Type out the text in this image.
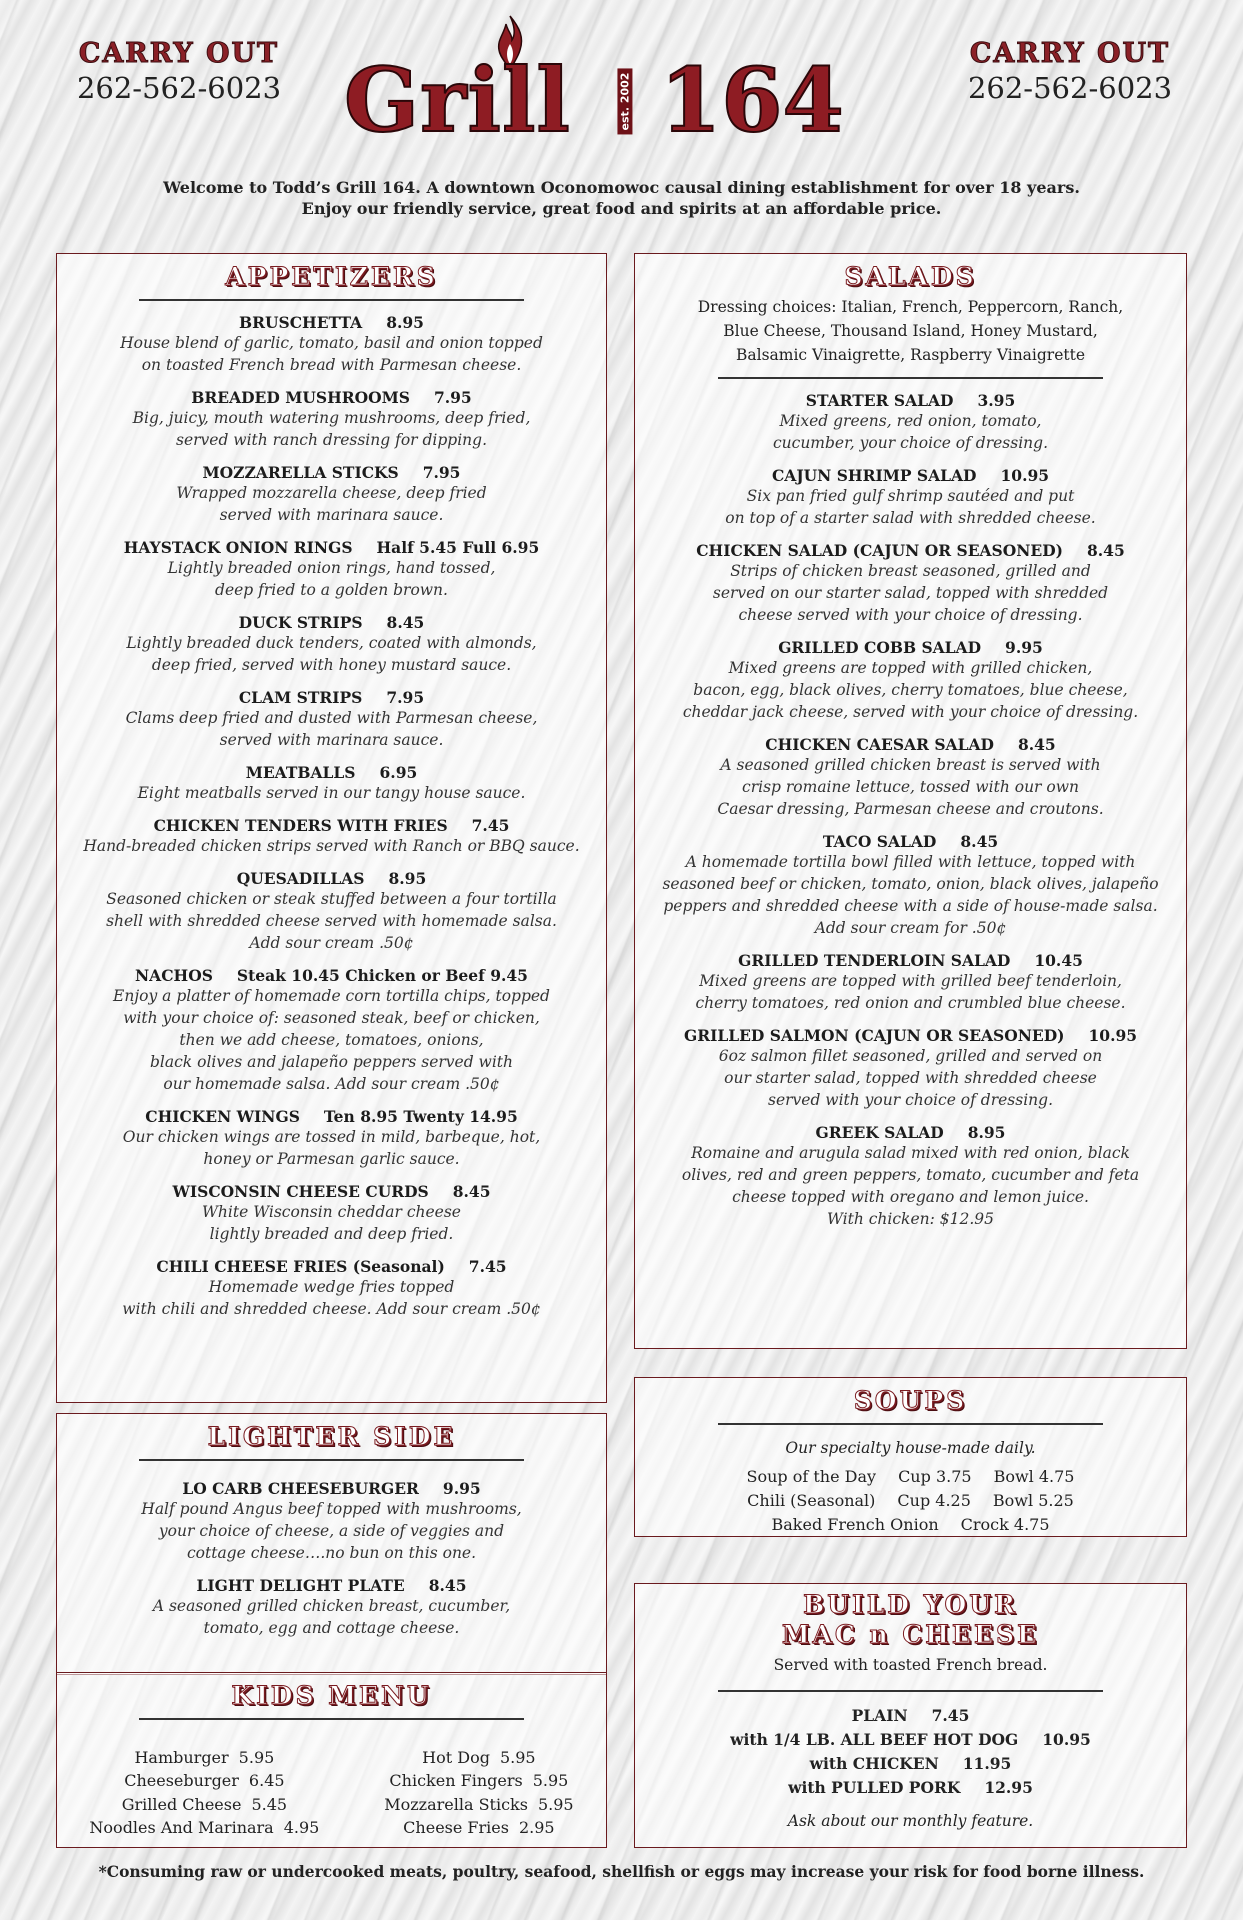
CARRY OUT
262-562-6023 Grill	est. 2002 164	CARRY OUT
262-562-6023
Welcome to Todd’s Grill 164. A downtown Oconomowoc causal dining establishment for over 18 years.
Enjoy our friendly service, great food and spirits at an affordable price.
APPETIZERS
BRUSCHETTA 8.95
House blend of garlic, tomato, basil and onion topped
on toasted French bread with Parmesan cheese.
BREADED MUSHROOMS 7.95
Big, juicy, mouth watering mushrooms, deep fried,
served with ranch dressing for dipping.
MOZZARELLA STICKS 7.95
Wrapped mozzarella cheese, deep fried
served with marinara sauce.
HAYSTACK ONION RINGS Half 5.45 Full 6.95
Lightly breaded onion rings, hand tossed,
deep fried to a golden brown.
DUCK STRIPS 8.45
Lightly breaded duck tenders, coated with almonds,
deep fried, served with honey mustard sauce.
CLAM STRIPS 7.95
Clams deep fried and dusted with Parmesan cheese,
served with marinara sauce.
MEATBALLS 6.95
Eight meatballs served in our tangy house sauce.
CHICKEN TENDERS WITH FRIES 7.45
Hand-breaded chicken strips served with Ranch or BBQ sauce.
QUESADILLAS 8.95
Seasoned chicken or steak stuffed between a four tortilla
shell with shredded cheese served with homemade salsa.
Add sour cream .50¢
NACHOS Steak 10.45 Chicken or Beef 9.45
Enjoy a platter of homemade corn tortilla chips, topped
with your choice of: seasoned steak, beef or chicken,
then we add cheese, tomatoes, onions,
black olives and jalapeño peppers served with
our homemade salsa. Add sour cream .50¢
CHICKEN WINGS Ten 8.95 Twenty 14.95
Our chicken wings are tossed in mild, barbeque, hot,
honey or Parmesan garlic sauce.
WISCONSIN CHEESE CURDS 8.45
White Wisconsin cheddar cheese
lightly breaded and deep fried.
CHILI CHEESE FRIES (Seasonal) 7.45
Homemade wedge fries topped
with chili and shredded cheese. Add sour cream .50¢
LIGHTER SIDE
LO CARB CHEESEBURGER 9.95
Half pound Angus beef topped with mushrooms,
your choice of cheese, a side of veggies and
cottage cheese….no bun on this one.
LIGHT DELIGHT PLATE 8.45
A seasoned grilled chicken breast, cucumber,
tomato, egg and cottage cheese.
KIDS MENU
Hamburger 5.95
Cheeseburger 6.45
Grilled Cheese 5.45
Noodles And Marinara 4.95
Hot Dog 5.95
Chicken Fingers 5.95
Mozzarella Sticks 5.95
Cheese Fries 2.95
SALADS
Dressing choices: Italian, French, Peppercorn, Ranch,
Blue Cheese, Thousand Island, Honey Mustard,
Balsamic Vinaigrette, Raspberry Vinaigrette
STARTER SALAD 3.95
Mixed greens, red onion, tomato,
cucumber, your choice of dressing.
CAJUN SHRIMP SALAD 10.95
Six pan fried gulf shrimp sautéed and put
on top of a starter salad with shredded cheese.
CHICKEN SALAD (CAJUN OR SEASONED) 8.45
Strips of chicken breast seasoned, grilled and
served on our starter salad, topped with shredded
cheese served with your choice of dressing.
GRILLED COBB SALAD 9.95
Mixed greens are topped with grilled chicken,
bacon, egg, black olives, cherry tomatoes, blue cheese,
cheddar jack cheese, served with your choice of dressing.
CHICKEN CAESAR SALAD 8.45
A seasoned grilled chicken breast is served with
crisp romaine lettuce, tossed with our own
Caesar dressing, Parmesan cheese and croutons.
TACO SALAD 8.45
A homemade tortilla bowl filled with lettuce, topped with
seasoned beef or chicken, tomato, onion, black olives, jalapeño
peppers and shredded cheese with a side of house-made salsa.
Add sour cream for .50¢
GRILLED TENDERLOIN SALAD 10.45
Mixed greens are topped with grilled beef tenderloin,
cherry tomatoes, red onion and crumbled blue cheese.
GRILLED SALMON (CAJUN OR SEASONED) 10.95
6oz salmon fillet seasoned, grilled and served on
our starter salad, topped with shredded cheese
served with your choice of dressing.
GREEK SALAD 8.95
Romaine and arugula salad mixed with red onion, black
olives, red and green peppers, tomato, cucumber and feta
cheese topped with oregano and lemon juice.
With chicken: $12.95
SOUPS
Our specialty house-made daily.
Soup of the Day Cup 3.75 Bowl 4.75
Chili (Seasonal) Cup 4.25 Bowl 5.25
Baked French Onion Crock 4.75
BUILD YOUR
MAC n CHEESE
Served with toasted French bread.
PLAIN 7.45
with 1/4 LB. ALL BEEF HOT DOG 10.95
with CHICKEN 11.95
with PULLED PORK 12.95
Ask about our monthly feature.
*Consuming raw or undercooked meats, poultry, seafood, shellfish or eggs may increase your risk for food borne illness.
